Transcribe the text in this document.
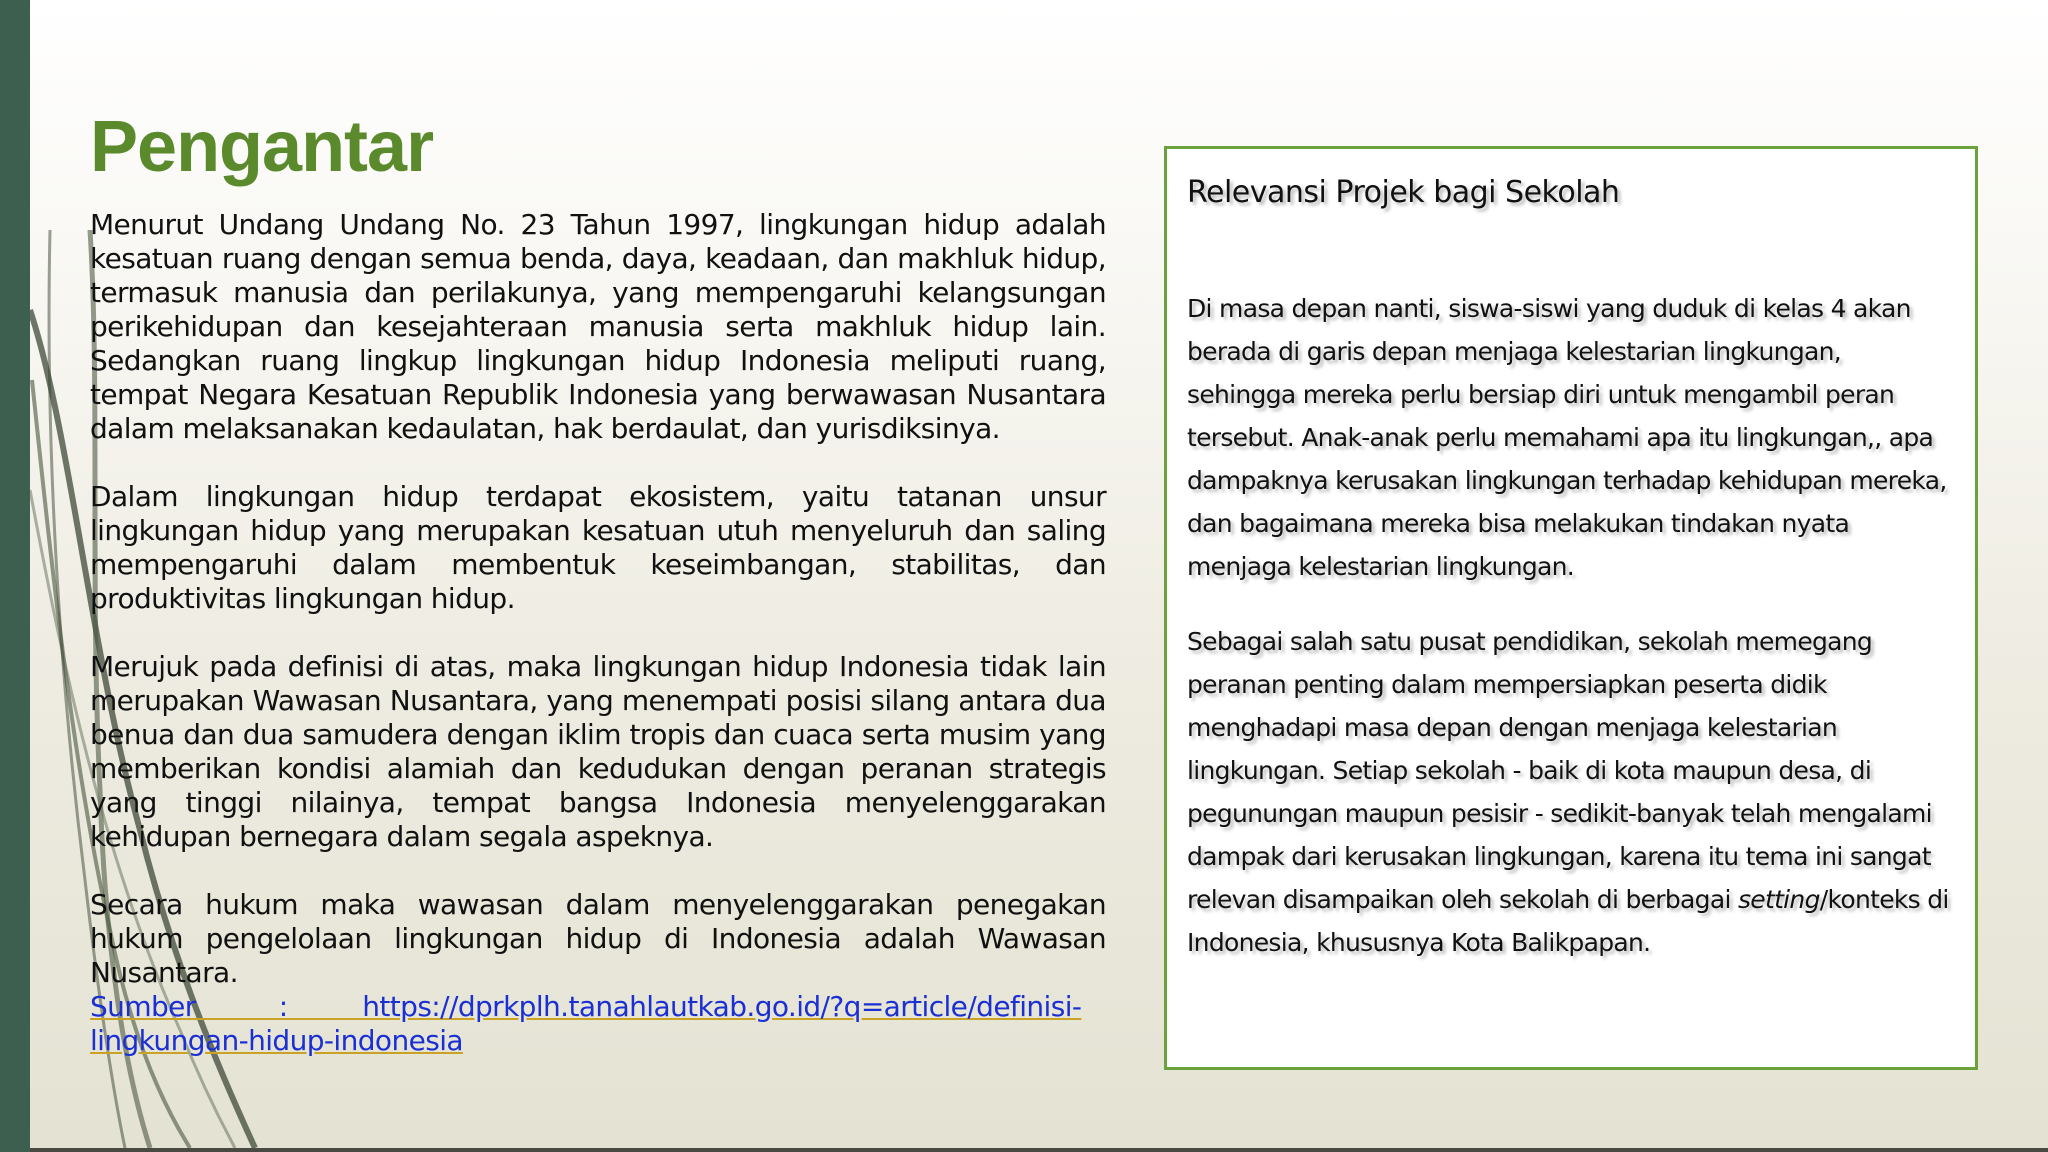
Pengantar

Menurut Undang Undang No. 23 Tahun 1997, lingkungan hidup adalah kesatuan ruang dengan semua benda, daya, keadaan, dan makhluk hidup, termasuk manusia dan perilakunya, yang mempengaruhi kelangsungan perikehidupan dan kesejahteraan manusia serta makhluk hidup lain. Sedangkan ruang lingkup lingkungan hidup Indonesia meliputi ruang, tempat Negara Kesatuan Republik Indonesia yang berwawasan Nusantara dalam melaksanakan kedaulatan, hak berdaulat, dan yurisdiksinya.

Dalam lingkungan hidup terdapat ekosistem, yaitu tatanan unsur lingkungan hidup yang merupakan kesatuan utuh menyeluruh dan saling mempengaruhi dalam membentuk keseimbangan, stabilitas, dan produktivitas lingkungan hidup.

Merujuk pada definisi di atas, maka lingkungan hidup Indonesia tidak lain merupakan Wawasan Nusantara, yang menempati posisi silang antara dua benua dan dua samudera dengan iklim tropis dan cuaca serta musim yang memberikan kondisi alamiah dan kedudukan dengan peranan strategis yang tinggi nilainya, tempat bangsa Indonesia menyelenggarakan kehidupan bernegara dalam segala aspeknya.

Secara hukum maka wawasan dalam menyelenggarakan penegakan hukum pengelolaan lingkungan hidup di Indonesia adalah Wawasan Nusantara.

Sumber          :         https://dprkplh.tanahlautkab.go.id/?q=article/definisi-lingkungan-hidup-indonesia
Relevansi Projek bagi Sekolah

Di masa depan nanti, siswa-siswi yang duduk di kelas 4 akan berada di garis depan menjaga kelestarian lingkungan, sehingga mereka perlu bersiap diri untuk mengambil peran tersebut. Anak-anak perlu memahami apa itu lingkungan,, apa dampaknya kerusakan lingkungan terhadap kehidupan mereka, dan bagaimana mereka bisa melakukan tindakan nyata menjaga kelestarian lingkungan.

Sebagai salah satu pusat pendidikan, sekolah memegang peranan penting dalam mempersiapkan peserta didik menghadapi masa depan dengan menjaga kelestarian lingkungan. Setiap sekolah - baik di kota maupun desa, di pegunungan maupun pesisir - sedikit-banyak telah mengalami dampak dari kerusakan lingkungan, karena itu tema ini sangat relevan disampaikan oleh sekolah di berbagai setting/konteks di Indonesia, khususnya Kota Balikpapan.
